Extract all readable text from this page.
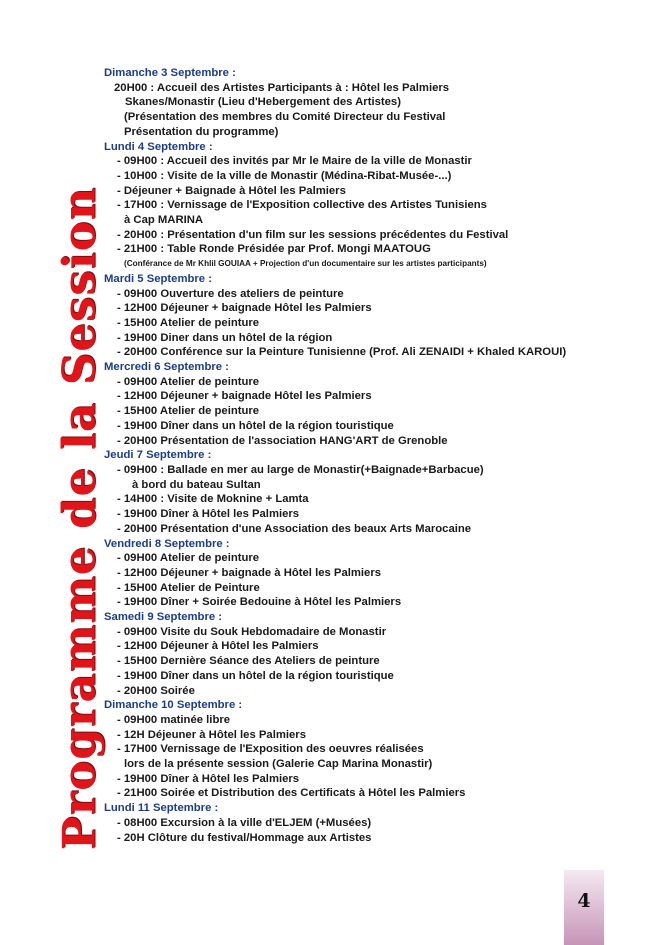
Programme de la Session
Dimanche 3 Septembre :
20H00 : Accueil des Artistes Participants à : Hôtel les Palmiers
Skanes/Monastir (Lieu d'Hebergement des Artistes)
(Présentation des membres du Comité Directeur du Festival
Présentation du programme)
Lundi 4 Septembre :
- 09H00 : Accueil des invités par Mr le Maire de la ville de Monastir
- 10H00 : Visite de la ville de Monastir (Médina-Ribat-Musée-...)
- Déjeuner + Baignade à Hôtel les Palmiers
- 17H00 : Vernissage de l'Exposition collective des Artistes Tunisiens
à Cap MARINA
- 20H00 : Présentation d'un film sur les sessions précédentes du Festival
- 21H00 : Table Ronde Présidée par Prof. Mongi MAATOUG
(Conférance de Mr Khlil GOUIAA + Projection d'un documentaire sur les artistes participants)
Mardi 5 Septembre :
- 09H00 Ouverture des ateliers de peinture
- 12H00 Déjeuner + baignade Hôtel les Palmiers
- 15H00 Atelier de peinture
- 19H00 Diner dans un hôtel de la région
- 20H00 Conférence sur la Peinture Tunisienne (Prof. Ali ZENAIDI + Khaled KAROUI)
Mercredi 6 Septembre :
- 09H00 Atelier de peinture
- 12H00 Déjeuner + baignade Hôtel les Palmiers
- 15H00 Atelier de peinture
- 19H00 Dîner dans un hôtel de la région touristique
- 20H00 Présentation de l'association HANG'ART de Grenoble
Jeudi 7 Septembre :
- 09H00 : Ballade en mer au large de Monastir(+Baignade+Barbacue)
à bord du bateau Sultan
- 14H00 : Visite de Moknine + Lamta
- 19H00 Dîner à Hôtel les Palmiers
- 20H00 Présentation d'une Association des beaux Arts Marocaine
Vendredi 8 Septembre :
- 09H00 Atelier de peinture
- 12H00 Déjeuner + baignade à Hôtel les Palmiers
- 15H00 Atelier de Peinture
- 19H00 Dîner + Soirée Bedouine à Hôtel les Palmiers
Samedi 9 Septembre :
- 09H00 Visite du Souk Hebdomadaire de Monastir
- 12H00 Déjeuner à Hôtel les Palmiers
- 15H00 Dernière Séance des Ateliers de peinture
- 19H00 Dîner dans un hôtel de la région touristique
- 20H00 Soirée
Dimanche 10 Septembre :
- 09H00 matinée libre
- 12H Déjeuner à Hôtel les Palmiers
- 17H00 Vernissage de l'Exposition des oeuvres réalisées
lors de la présente session (Galerie Cap Marina Monastir)
- 19H00 Dîner à Hôtel les Palmiers
- 21H00 Soirée et Distribution des Certificats à Hôtel les Palmiers
Lundi 11 Septembre :
- 08H00 Excursion à la ville d'ELJEM (+Musées)
- 20H Clôture du festival/Hommage aux Artistes
4
